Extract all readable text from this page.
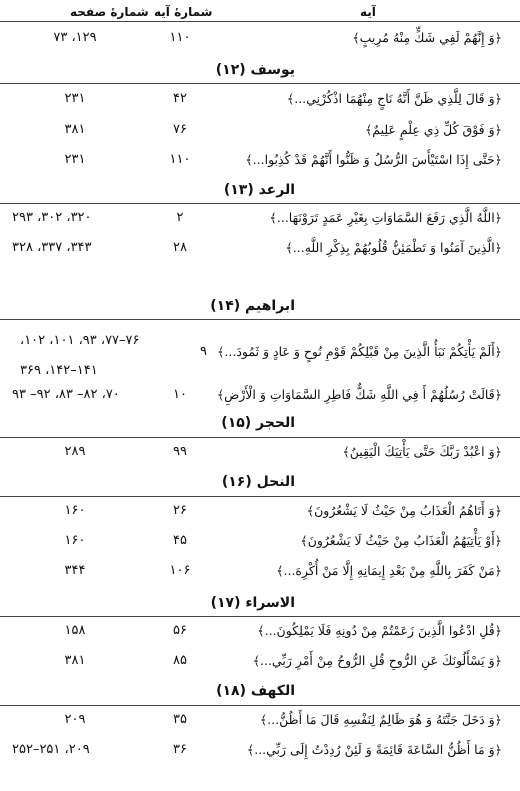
شمارهٔ صفحه شمارهٔ آیه	آیه
﴿وَ إِنَّهُمْ لَفِي شَكٍّ مِنْهُ مُرِيبٍ﴾
۱۱۰
۱۲۹، ۷۳
یوسف (۱۲)
﴿وَ قَالَ لِلَّذِي ظَنَّ أَنَّهُ نَاجٍ مِنْهُمَا اذْكُرْنِي...﴾
۴۲
۲۳۱
﴿وَ فَوْقَ كُلِّ ذِي عِلْمٍ عَلِيمٌ﴾
۷۶
۳۸۱
﴿حَتَّى إِذَا اسْتَيْأَسَ الرُّسُلُ وَ ظَنُّوا أَنَّهُمْ قَدْ كُذِبُوا...﴾
۱۱۰
۲۳۱
الرعد (۱۳)
﴿اللَّهُ الَّذِي رَفَعَ السَّمَاوَاتِ بِغَيْرِ عَمَدٍ تَرَوْنَهَا...﴾
۲
۳۲۰، ۳۰۲، ۲۹۳
﴿الَّذِينَ آمَنُوا وَ تَطْمَئِنُّ قُلُوبُهُمْ بِذِكْرِ اللَّهِ...﴾
۲۸
۳۴۳، ۳۳۷، ۳۲۸
ابراهیم (۱۴)
﴿أَلَمْ يَأْتِكُمْ نَبَأُ الَّذِينَ مِنْ قَبْلِكُمْ قَوْمِ نُوحٍ وَ عَادٍ وَ ثَمُودَ...﴾
۹
۷۶–۷۷، ۹۳، ۱۰۱، ۱۰۲، ۱۴۱–۱۴۲، ۳۶۹
﴿قَالَتْ رُسُلُهُمْ أَ فِي اللَّهِ شَكٌّ فَاطِرِ السَّمَاوَاتِ وَ الْأَرْضِ﴾
۱۰
۷۰، ۸۲– ۸۳، ۹۲– ۹۳
الحجر (۱۵)
﴿وَ اعْبُدْ رَبَّكَ حَتَّى يَأْتِيَكَ الْيَقِينُ﴾
۹۹
۲۸۹
النحل (۱۶)
﴿وَ أَتَاهُمُ الْعَذَابُ مِنْ حَيْثُ لَا يَشْعُرُونَ﴾
۲۶
۱۶۰
﴿أَوْ يَأْتِيَهُمُ الْعَذَابُ مِنْ حَيْثُ لَا يَشْعُرُونَ﴾
۴۵
۱۶۰
﴿مَنْ كَفَرَ بِاللَّهِ مِنْ بَعْدِ إِيمَانِهِ إِلَّا مَنْ أُكْرِهَ...﴾
۱۰۶
۳۴۴
الاسراء (۱۷)
﴿قُلِ ادْعُوا الَّذِينَ زَعَمْتُمْ مِنْ دُونِهِ فَلَا يَمْلِكُونَ...﴾
۵۶
۱۵۸
﴿وَ يَسْأَلُونَكَ عَنِ الرُّوحِ قُلِ الرُّوحُ مِنْ أَمْرِ رَبِّي...﴾
۸۵
۳۸۱
الکهف (۱۸)
﴿وَ دَخَلَ جَنَّتَهُ وَ هُوَ ظَالِمٌ لِنَفْسِهِ قَالَ مَا أَظُنُّ...﴾
۳۵
۲۰۹
﴿وَ مَا أَظُنُّ السَّاعَةَ قَائِمَةً وَ لَئِنْ رُدِدْتُ إِلَى رَبِّي...﴾
۳۶
۲۰۹، ۲۵۱–۲۵۲
